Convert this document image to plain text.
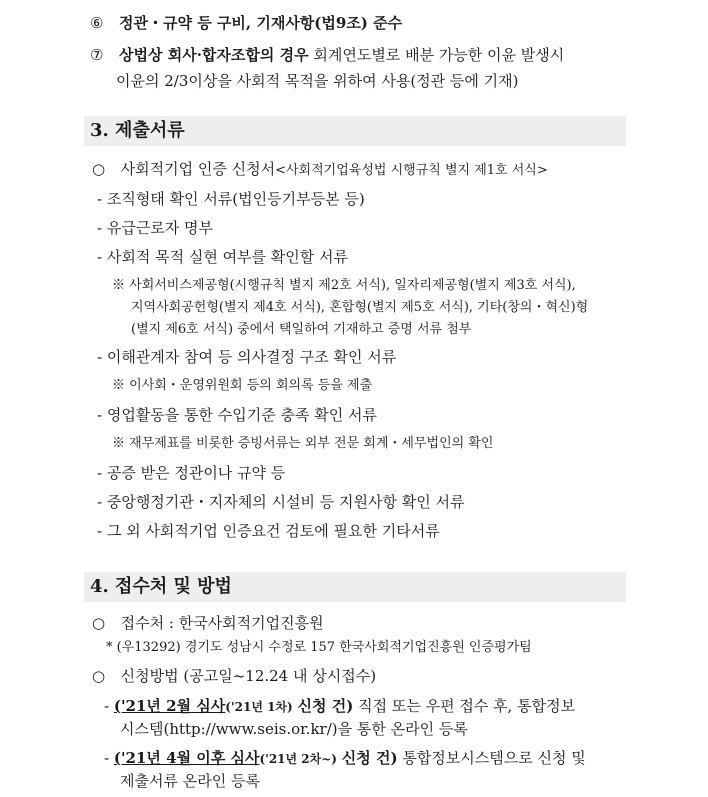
⑥ 정관・규약 등 구비, 기재사항(법9조) 준수
⑦ 상법상 회사·합자조합의 경우 회계연도별로 배분 가능한 이윤 발생시
이윤의 2/3이상을 사회적 목적을 위하여 사용(정관 등에 기재)
3. 제출서류
○ 사회적기업 인증 신청서<사회적기업육성법 시행규칙 별지 제1호 서식>
- 조직형태 확인 서류(법인등기부등본 등)
- 유급근로자 명부
- 사회적 목적 실현 여부를 확인할 서류
※ 사회서비스제공형(시행규칙 별지 제2호 서식), 일자리제공형(별지 제3호 서식),
지역사회공헌형(별지 제4호 서식), 혼합형(별지 제5호 서식), 기타(창의・혁신)형
(별지 제6호 서식) 중에서 택일하여 기재하고 증명 서류 첨부
- 이해관계자 참여 등 의사결정 구조 확인 서류
※ 이사회・운영위원회 등의 회의록 등을 제출
- 영업활동을 통한 수입기준 충족 확인 서류
※ 재무제표를 비롯한 증빙서류는 외부 전문 회계・세무법인의 확인
- 공증 받은 정관이나 규약 등
- 중앙행정기관・지자체의 시설비 등 지원사항 확인 서류
- 그 외 사회적기업 인증요건 검토에 필요한 기타서류
4. 접수처 및 방법
○ 접수처 : 한국사회적기업진흥원
* (우13292) 경기도 성남시 수정로 157 한국사회적기업진흥원 인증평가팀
○ 신청방법 (공고일~12.24 내 상시접수)
- ('21년 2월 심사('21년 1차) 신청 건) 직접 또는 우편 접수 후, 통합정보
시스템(http://www.seis.or.kr/)을 통한 온라인 등록
- ('21년 4월 이후 심사('21년 2차~) 신청 건) 통합정보시스템으로 신청 및
제출서류 온라인 등록
